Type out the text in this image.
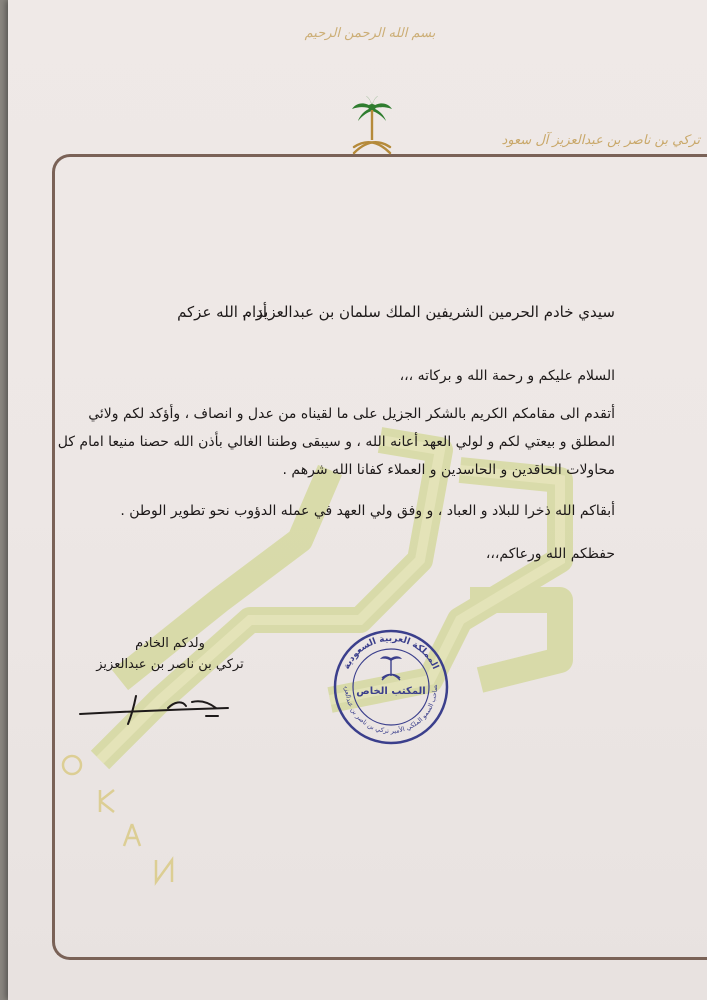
بسم الله الرحمن الرحيم
تركي بن ناصر بن عبدالعزيز آل سعود
سيدي خادم الحرمين الشريفين الملك سلمان بن عبدالعزيز ..
أدام الله عزكم
السلام عليكم و رحمة الله و بركاته ،،،
أتقدم الى مقامكم الكريم بالشكر الجزيل على ما لقيناه من عدل و انصاف ، وأؤكد لكم ولائي
المطلق و بيعتي لكم و لولي العهد أعانه الله ، و سيبقى وطننا الغالي بأذن الله حصنا منيعا امام كل
محاولات الحاقدين و الحاسدين و العملاء كفانا الله شرهم .
أبقاكم الله ذخرا للبلاد و العباد ، و وفق ولي العهد في عمله الدؤوب نحو تطوير الوطن .
حفظكم الله ورعاكم،،،
ولدكم الخادم
تركي بن ناصر بن عبدالعزيز	المملكة العربية السعودية
المكتب الخاص صاحب السمو الملكي الأمير تركي بن ناصر بن عبدالعزي
